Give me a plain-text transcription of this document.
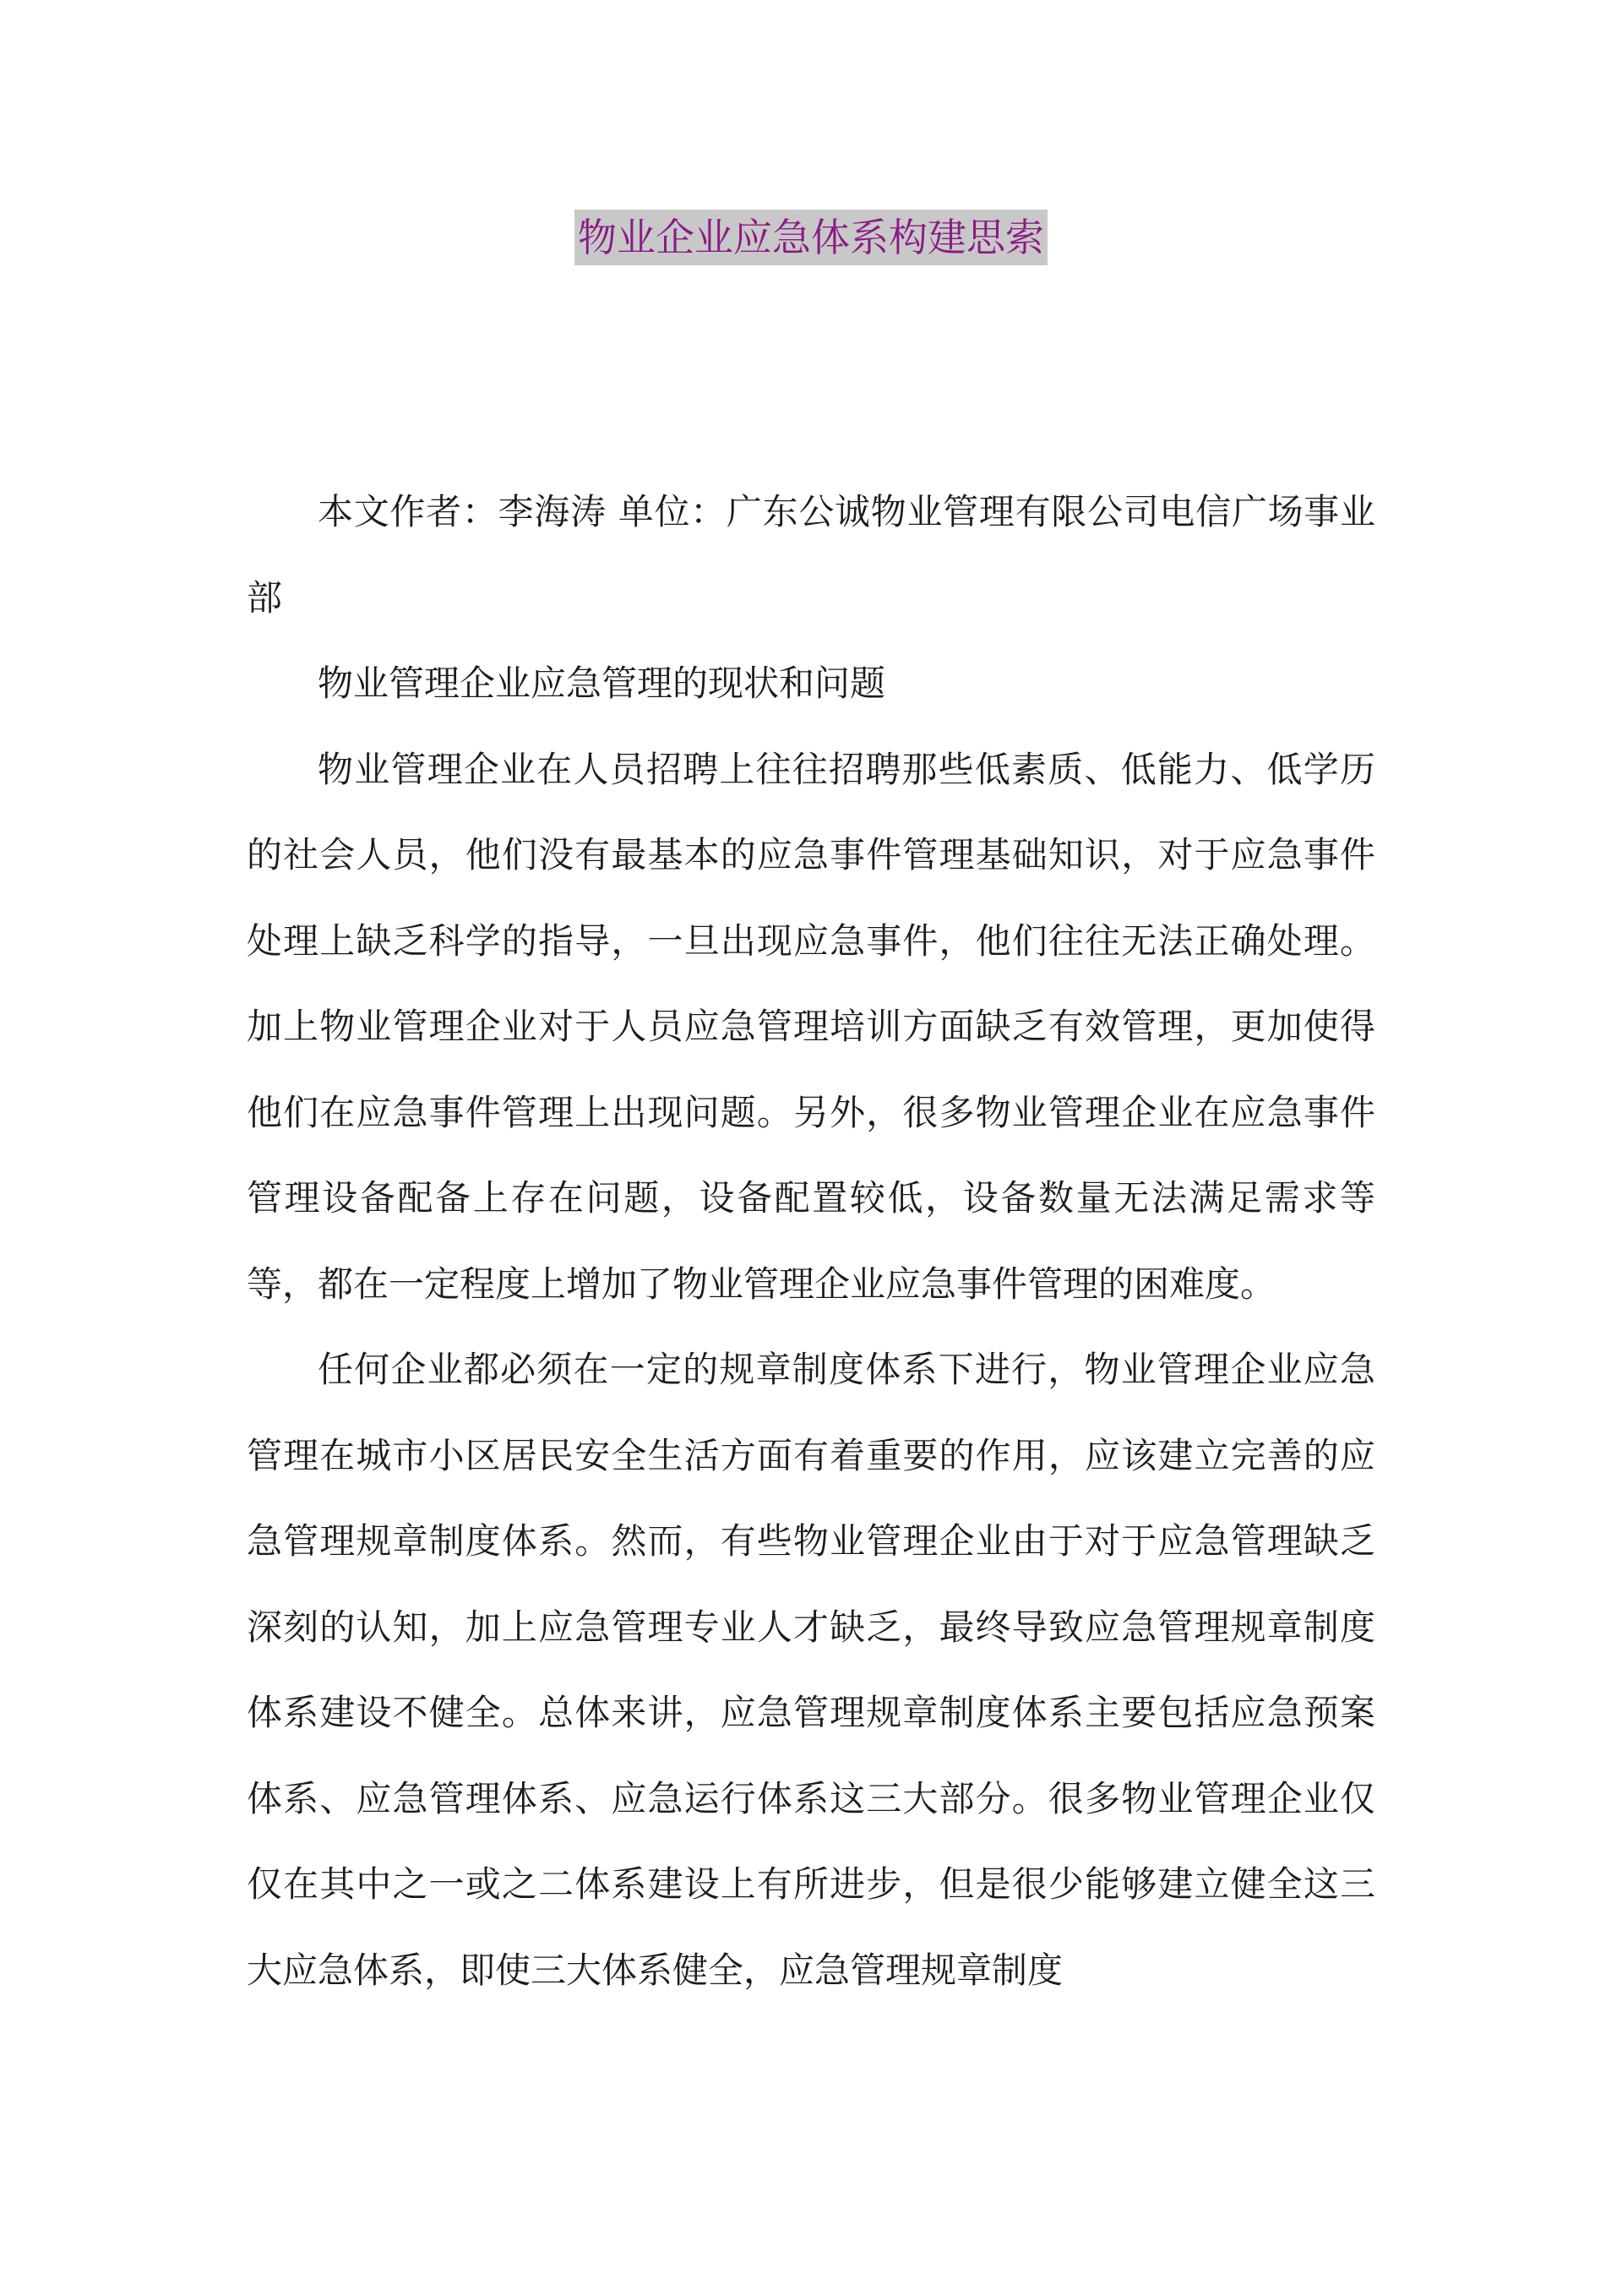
物业企业应急体系构建思索

本文作者：李海涛 单位：广东公诚物业管理有限公司电信广场事业部

物业管理企业应急管理的现状和问题

物业管理企业在人员招聘上往往招聘那些低素质、低能力、低学历的社会人员，他们没有最基本的应急事件管理基础知识，对于应急事件处理上缺乏科学的指导，一旦出现应急事件，他们往往无法正确处理。加上物业管理企业对于人员应急管理培训方面缺乏有效管理，更加使得他们在应急事件管理上出现问题。另外，很多物业管理企业在应急事件管理设备配备上存在问题，设备配置较低，设备数量无法满足需求等等，都在一定程度上增加了物业管理企业应急事件管理的困难度。

任何企业都必须在一定的规章制度体系下进行，物业管理企业应急管理在城市小区居民安全生活方面有着重要的作用，应该建立完善的应急管理规章制度体系。然而，有些物业管理企业由于对于应急管理缺乏深刻的认知，加上应急管理专业人才缺乏，最终导致应急管理规章制度体系建设不健全。总体来讲，应急管理规章制度体系主要包括应急预案体系、应急管理体系、应急运行体系这三大部分。很多物业管理企业仅仅在其中之一或之二体系建设上有所进步，但是很少能够建立健全这三大应急体系，即使三大体系健全，应急管理规章制度
